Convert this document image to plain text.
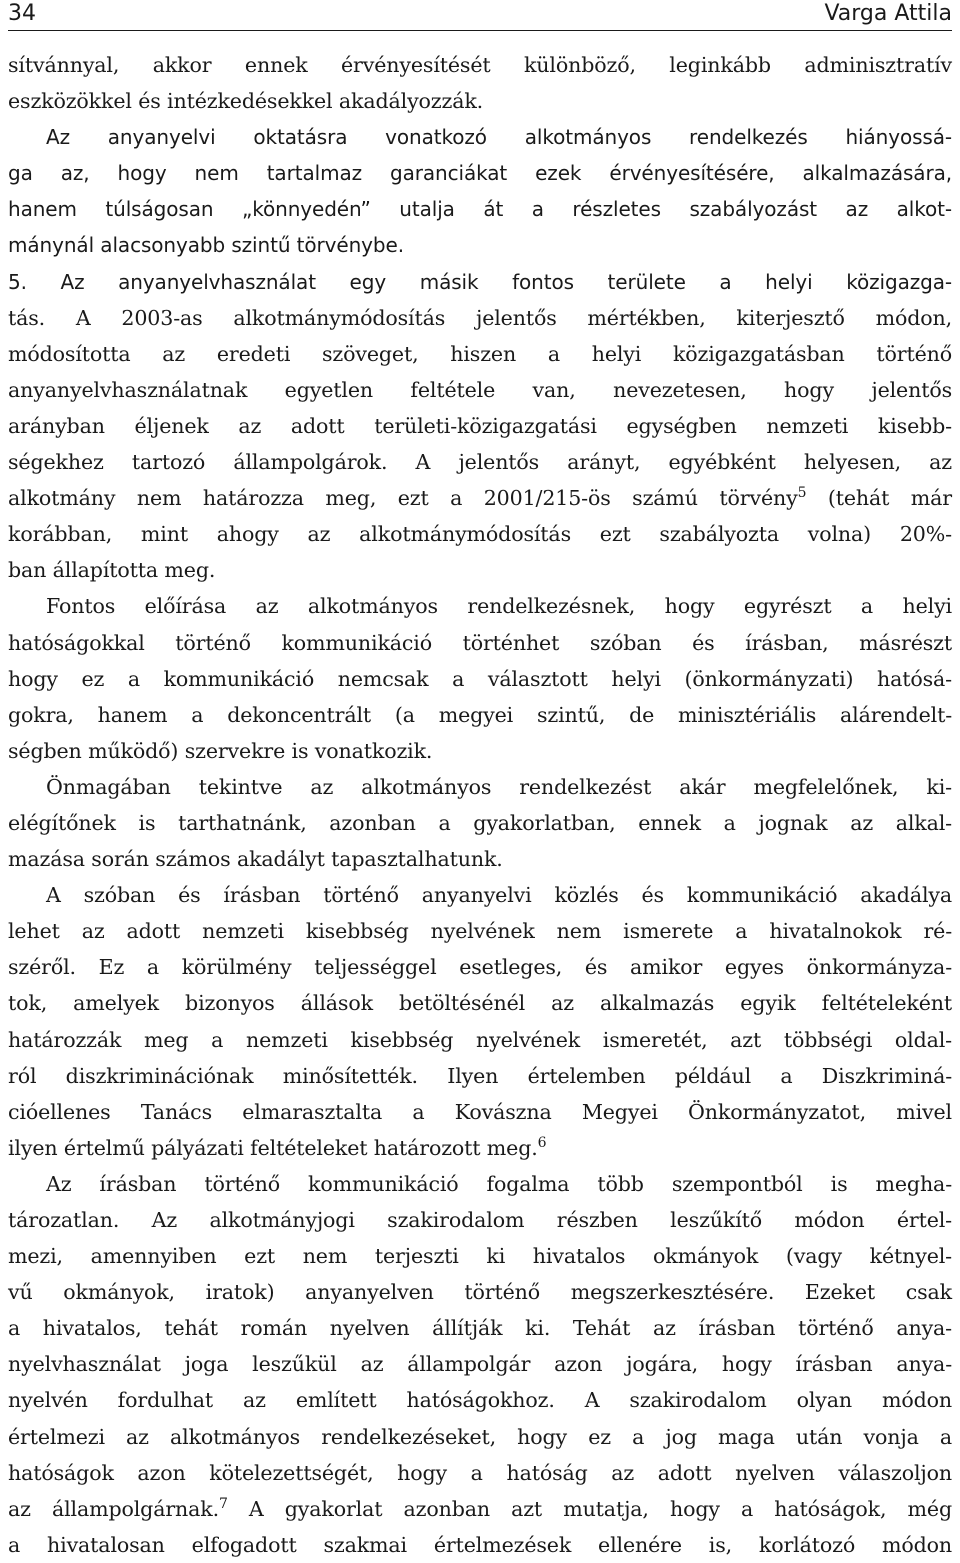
34	Varga Attila
sítvánnyal, akkor ennek érvényesítését különböző, leginkább adminisztratív
eszközökkel és intézkedésekkel akadályozzák.
Az anyanyelvi oktatásra vonatkozó alkotmányos rendelkezés hiányossá-
ga az, hogy nem tartalmaz garanciákat ezek érvényesítésére, alkalmazására,
hanem túlságosan „könnyedén” utalja át a részletes szabályozást az alkot-
mánynál alacsonyabb szintű törvénybe.
5. Az anyanyelvhasználat egy másik fontos területe a helyi közigazga-
tás. A 2003-as alkotmánymódosítás jelentős mértékben, kiterjesztő módon,
módosította az eredeti szöveget, hiszen a helyi közigazgatásban történő
anyanyelvhasználatnak egyetlen feltétele van, nevezetesen, hogy jelentős
arányban éljenek az adott területi-közigazgatási egységben nemzeti kisebb-
ségekhez tartozó állampolgárok. A jelentős arányt, egyébként helyesen, az
alkotmány nem határozza meg, ezt a 2001/215-ös számú törvény$^5$ (tehát már
korábban, mint ahogy az alkotmánymódosítás ezt szabályozta volna) 20%-
ban állapította meg.
Fontos előírása az alkotmányos rendelkezésnek, hogy egyrészt a helyi
hatóságokkal történő kommunikáció történhet szóban és írásban, másrészt
hogy ez a kommunikáció nemcsak a választott helyi (önkormányzati) hatósá-
gokra, hanem a dekoncentrált (a megyei szintű, de minisztériális alárendelt-
ségben működő) szervekre is vonatkozik.
Önmagában tekintve az alkotmányos rendelkezést akár megfelelőnek, ki-
elégítőnek is tarthatnánk, azonban a gyakorlatban, ennek a jognak az alkal-
mazása során számos akadályt tapasztalhatunk.
A szóban és írásban történő anyanyelvi közlés és kommunikáció akadálya
lehet az adott nemzeti kisebbség nyelvének nem ismerete a hivatalnokok ré-
széről. Ez a körülmény teljességgel esetleges, és amikor egyes önkormányza-
tok, amelyek bizonyos állások betöltésénél az alkalmazás egyik feltételeként
határozzák meg a nemzeti kisebbség nyelvének ismeretét, azt többségi oldal-
ról diszkriminációnak minősítették. Ilyen értelemben például a Diszkriminá-
cióellenes Tanács elmarasztalta a Kovászna Megyei Önkormányzatot, mivel
ilyen értelmű pályázati feltételeket határozott meg.$^6$
Az írásban történő kommunikáció fogalma több szempontból is megha-
tározatlan. Az alkotmányjogi szakirodalom részben leszűkítő módon értel-
mezi, amennyiben ezt nem terjeszti ki hivatalos okmányok (vagy kétnyel-
vű okmányok, iratok) anyanyelven történő megszerkesztésére. Ezeket csak
a hivatalos, tehát román nyelven állítják ki. Tehát az írásban történő anya-
nyelvhasználat joga leszűkül az állampolgár azon jogára, hogy írásban anya-
nyelvén fordulhat az említett hatóságokhoz. A szakirodalom olyan módon
értelmezi az alkotmányos rendelkezéseket, hogy ez a jog maga után vonja a
hatóságok azon kötelezettségét, hogy a hatóság az adott nyelven válaszoljon
az állampolgárnak.$^7$ A gyakorlat azonban azt mutatja, hogy a hatóságok, még
a hivatalosan elfogadott szakmai értelmezések ellenére is, korlátozó módon
